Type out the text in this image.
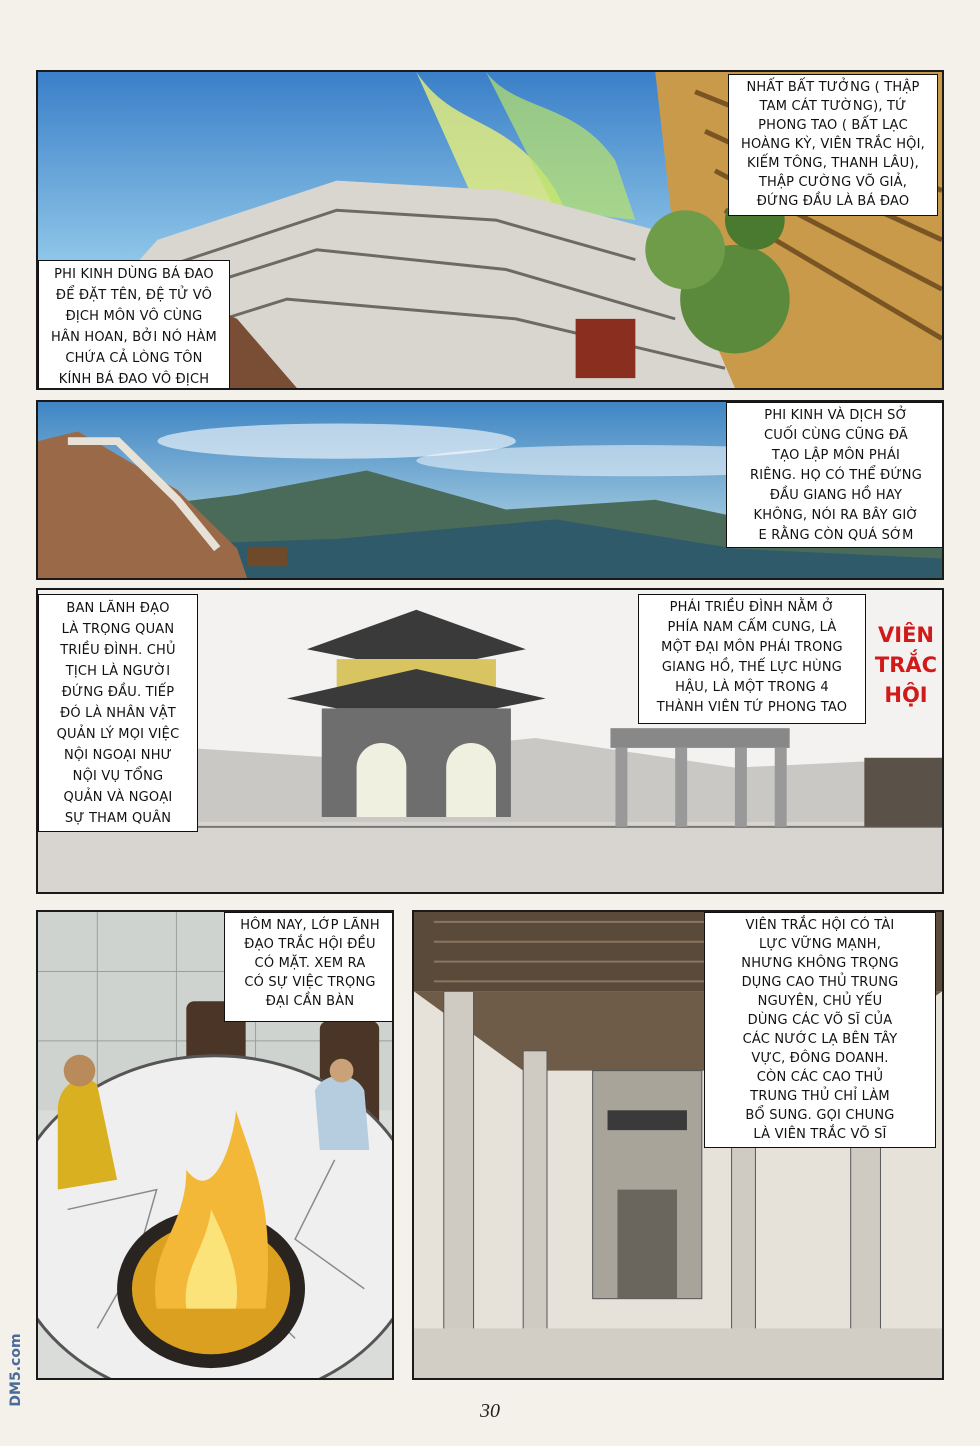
NHẤT BẤT TƯỞNG ( THẬP
TAM CÁT TƯỜNG), TỨ
PHONG TAO ( BẤT LẠC
HOÀNG KỲ, VIÊN TRẮC HỘI,
KIẾM TÔNG, THANH LÂU),
THẬP CƯỜNG VÕ GIẢ,
ĐỨNG ĐẦU LÀ BÁ ĐAO
PHI KINH DÙNG BÁ ĐAO
ĐỂ ĐẶT TÊN, ĐỆ TỬ VÔ
ĐỊCH MÔN VÔ CÙNG
HÂN HOAN, BỞI NÓ HÀM
CHỨA CẢ LÒNG TÔN
KÍNH BÁ ĐAO VÔ ĐỊCH
PHI KINH VÀ DỊCH SỞ
CUỐI CÙNG CŨNG ĐÃ
TẠO LẬP MÔN PHÁI
RIÊNG. HỌ CÓ THỂ ĐỨNG
ĐẦU GIANG HỒ HAY
KHÔNG, NÓI RA BÂY GIỜ
E RẰNG CÒN QUÁ SỚM
BAN LÃNH ĐẠO
LÀ TRỌNG QUAN
TRIỀU ĐÌNH. CHỦ
TỊCH LÀ NGƯỜI
ĐỨNG ĐẦU. TIẾP
ĐÓ LÀ NHÂN VẬT
QUẢN LÝ MỌI VIỆC
NỘI NGOẠI NHƯ
NỘI VỤ TỔNG
QUẢN VÀ NGOẠI
SỰ THAM QUÂN
PHÁI TRIỀU ĐÌNH NẰM Ở
PHÍA NAM CẤM CUNG, LÀ
MỘT ĐẠI MÔN PHÁI TRONG
GIANG HỒ, THẾ LỰC HÙNG
HẬU, LÀ MỘT TRONG 4
THÀNH VIÊN TỨ PHONG TAO
VIÊN
TRẮC
HỘI
HÔM NAY, LỚP LÃNH
ĐẠO TRẮC HỘI ĐỀU
CÓ MẶT. XEM RA
CÓ SỰ VIỆC TRỌNG
ĐẠI CẦN BÀN
VIÊN TRẮC HỘI CÓ TÀI
LỰC VỮNG MẠNH,
NHƯNG KHÔNG TRỌNG
DỤNG CAO THỦ TRUNG
NGUYÊN, CHỦ YẾU
DÙNG CÁC VÕ SĨ CỦA
CÁC NƯỚC LẠ BÊN TÂY
VỰC, ĐÔNG DOANH.
CÒN CÁC CAO THỦ
TRUNG THỦ CHỈ LÀM
BỔ SUNG. GỌI CHUNG
LÀ VIÊN TRẮC VÕ SĨ
DM5.com
30
